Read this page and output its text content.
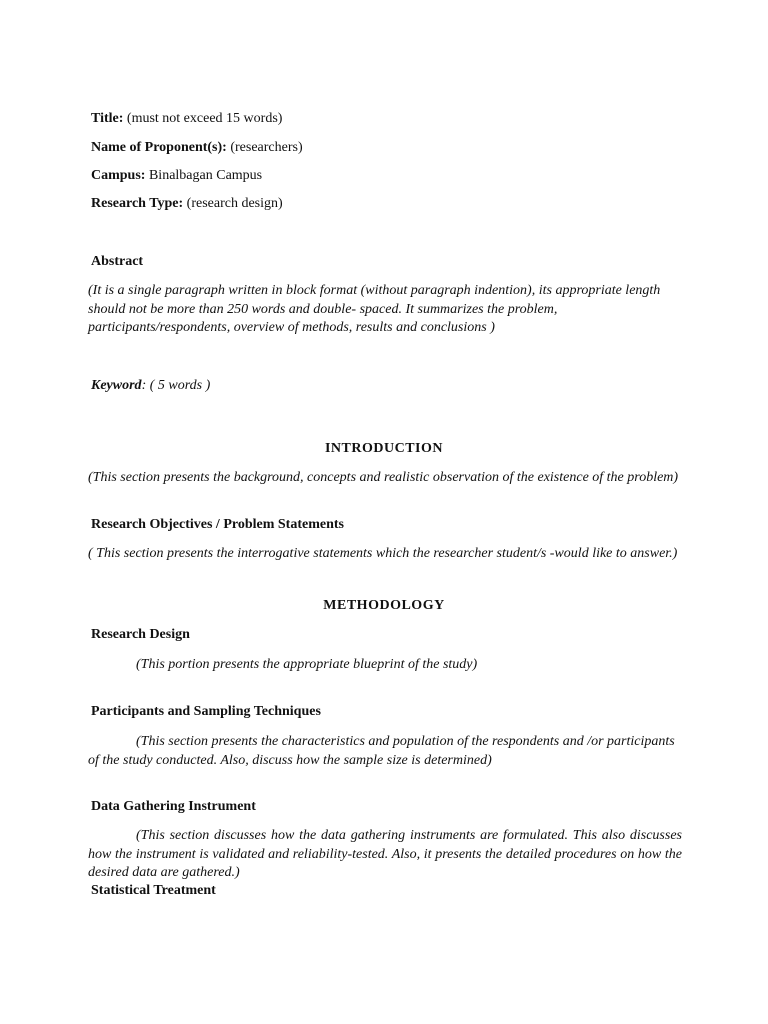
Title: (must not exceed 15 words)
Name of Proponent(s): (researchers)
Campus: Binalbagan Campus
Research Type: (research design)
Abstract
(It is a single paragraph written in block format (without paragraph indention), its appropriate length should not be more than 250 words and double- spaced. It summarizes the problem, participants/respondents, overview of methods, results and conclusions )
Keyword: ( 5 words )
INTRODUCTION
(This section presents the background, concepts and realistic observation of the existence of the problem)
Research Objectives / Problem Statements
( This section presents the interrogative statements which the researcher student/s -would like to answer.)
METHODOLOGY
Research Design
(This portion presents the appropriate blueprint of the study)
Participants and Sampling Techniques
(This section presents the characteristics and population of the respondents and /or participants of the study conducted. Also, discuss how the sample size is determined)
Data Gathering Instrument
(This section discusses how the data gathering instruments are formulated. This also discusses how the instrument is validated and reliability-tested. Also, it presents the detailed procedures on how the desired data are gathered.)
Statistical Treatment
